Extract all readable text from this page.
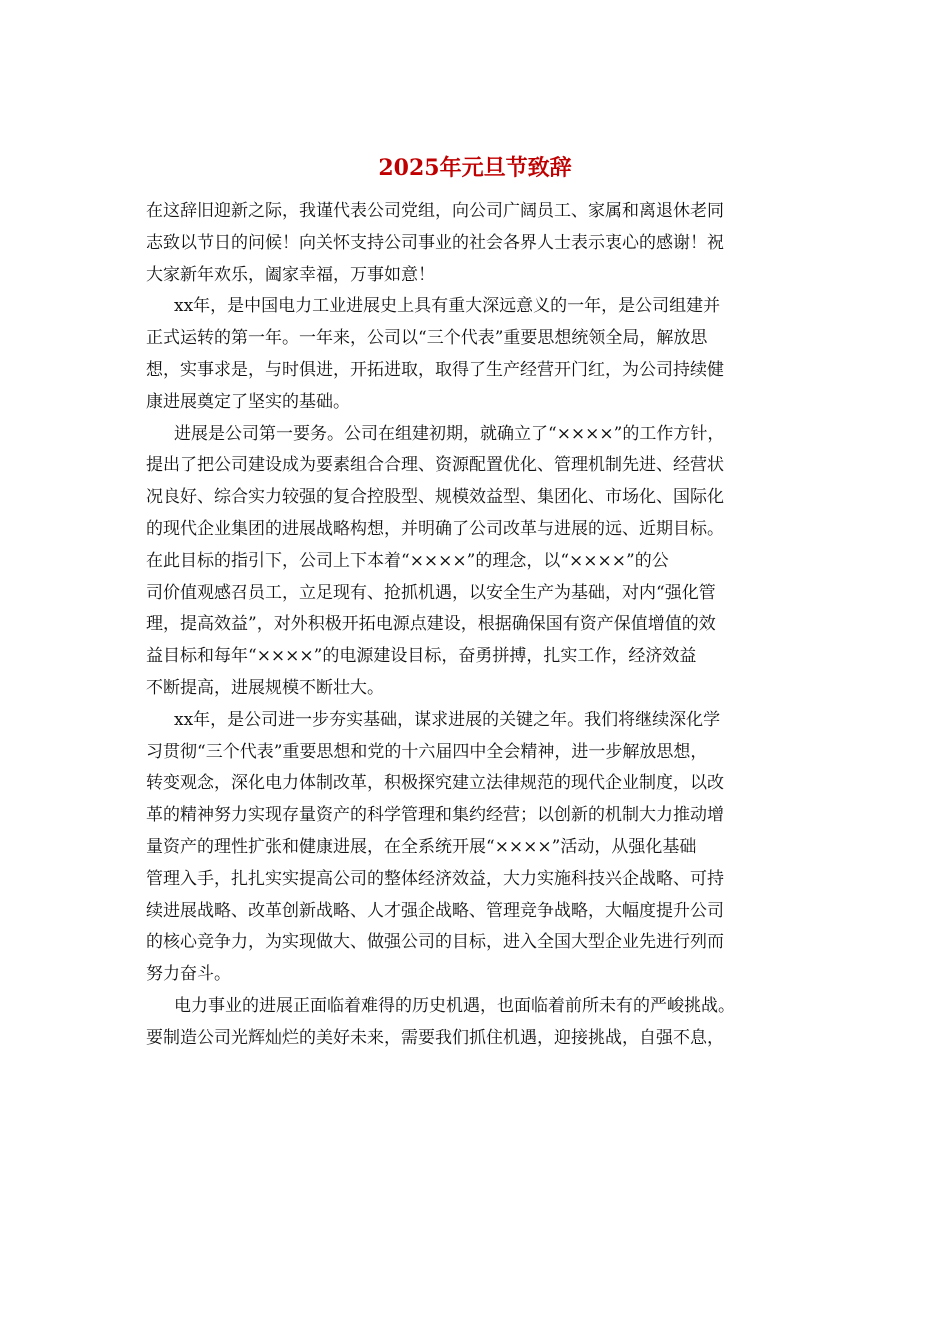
2025年元旦节致辞

在这辞旧迎新之际，我谨代表公司党组，向公司广阔员工、家属和离退休老同
志致以节日的问候！向关怀支持公司事业的社会各界人士表示衷心的感谢！祝
大家新年欢乐，阖家幸福，万事如意！

xx年，是中国电力工业进展史上具有重大深远意义的一年，是公司组建并
正式运转的第一年。一年来，公司以“三个代表”重要思想统领全局，解放思
想，实事求是，与时俱进，开拓进取，取得了生产经营开门红，为公司持续健
康进展奠定了坚实的基础。

进展是公司第一要务。公司在组建初期，就确立了“××××”的工作方针，
提出了把公司建设成为要素组合合理、资源配置优化、管理机制先进、经营状
况良好、综合实力较强的复合控股型、规模效益型、集团化、市场化、国际化
的现代企业集团的进展战略构想，并明确了公司改革与进展的远、近期目标。
在此目标的指引下，公司上下本着“××××”的理念，以“××××”的公
司价值观感召员工，立足现有、抢抓机遇，以安全生产为基础，对内“强化管
理，提高效益”，对外积极开拓电源点建设，根据确保国有资产保值增值的效
益目标和每年“××××”的电源建设目标，奋勇拼搏，扎实工作，经济效益
不断提高，进展规模不断壮大。

xx年，是公司进一步夯实基础，谋求进展的关键之年。我们将继续深化学
习贯彻“三个代表”重要思想和党的十六届四中全会精神，进一步解放思想，
转变观念，深化电力体制改革，积极探究建立法律规范的现代企业制度，以改
革的精神努力实现存量资产的科学管理和集约经营；以创新的机制大力推动增
量资产的理性扩张和健康进展，在全系统开展“××××”活动，从强化基础
管理入手，扎扎实实提高公司的整体经济效益，大力实施科技兴企战略、可持
续进展战略、改革创新战略、人才强企战略、管理竞争战略，大幅度提升公司
的核心竞争力，为实现做大、做强公司的目标，进入全国大型企业先进行列而
努力奋斗。

电力事业的进展正面临着难得的历史机遇，也面临着前所未有的严峻挑战。
要制造公司光辉灿烂的美好未来，需要我们抓住机遇，迎接挑战，自强不息，
